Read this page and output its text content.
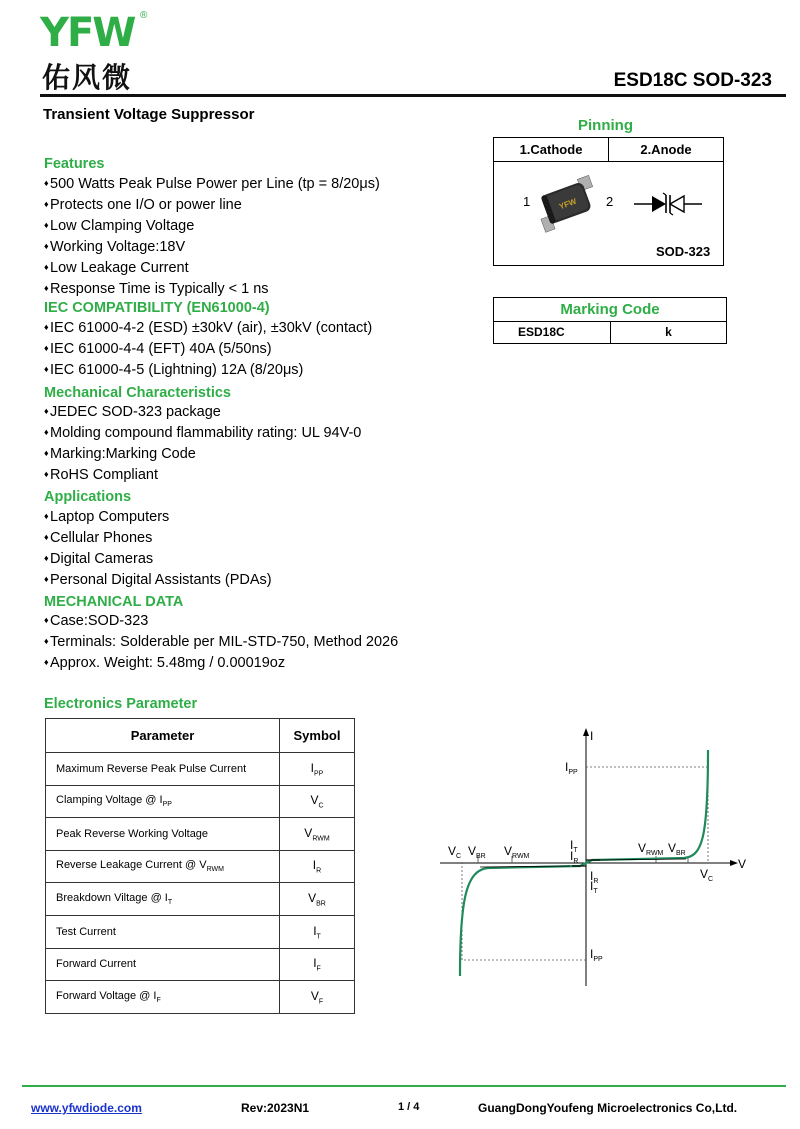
YFW ®
佑风微	ESD18C SOD-323
Transient Voltage Suppressor
Features
♦500 Watts Peak Pulse Power per Line (tp = 8/20μs)
♦Protects one I/O or power line
♦Low Clamping Voltage
♦Working Voltage:18V
♦Low Leakage Current
♦Response Time is Typically < 1 ns
IEC COMPATIBILITY (EN61000-4)
♦IEC 61000-4-2 (ESD) ±30kV (air), ±30kV (contact)
♦IEC 61000-4-4 (EFT) 40A (5/50ns)
♦IEC 61000-4-5 (Lightning) 12A (8/20μs)
Mechanical Characteristics
♦JEDEC SOD-323 package
♦Molding compound flammability rating: UL 94V-0
♦Marking:Marking Code
♦RoHS Compliant
Applications
♦Laptop Computers
♦Cellular Phones
♦Digital Cameras
♦Personal Digital Assistants (PDAs)
MECHANICAL DATA
♦Case:SOD-323
♦Terminals: Solderable per MIL-STD-750, Method 2026
♦Approx. Weight: 5.48mg / 0.00019oz
Pinning
1.Cathode	2.Anode
1	YFW 2
SOD-323
Marking Code
ESD18C	k
Electronics Parameter
Parameter	Symbol
Maximum Reverse Peak Pulse Current	$I_{PP}$
Clamping Voltage @ $I_{PP}$	$V_C$
Peak Reverse Working Voltage	$V_{RWM}$
Reverse Leakage Current @ $V_{RWM}$	$I_R$
Breakdown Viltage @ $I_T$	$V_{BR}$
Test Current	$I_T$
Forward Current	$I_F$
Forward Voltage @ $I_F$	$V_F$
I
V
$I_{PP}$
$I_T$
$I_R$
$I_R$
$I_T$
$I_{PP}$
$V_C$ $V_{BR}$ $V_{RWM}$
$V_{RWM}$ $V_{BR}$
$V_C$
www.yfwdiode.com	Rev:2023N1	1 / 4	GuangDongYoufeng Microelectronics Co,Ltd.
